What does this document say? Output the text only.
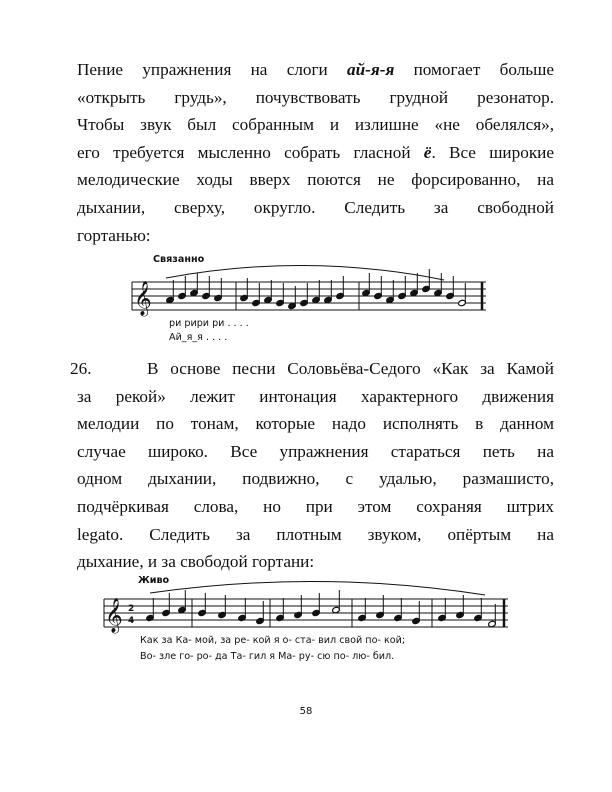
Пение упражнения на слоги ай-я-я помогает больше
«открыть грудь», почувствовать грудной резонатор.
Чтобы звук был собранным и излишне «не обелялся»,
его требуется мысленно собрать гласной ё. Все широкие
мелодические ходы вверх поются не форсированно, на
дыхании, сверху, округло. Следить за свободной
гортанью:
Связанно
𝄞
ри рири ри . . . .
Ай_я_я . . . .
26.	В основе песни Соловьёва-Седого «Как за Камой
за рекой» лежит интонация характерного движения
мелодии по тонам, которые надо исполнять в данном
случае широко. Все упражнения стараться петь на
одном дыхании, подвижно, с удалью, размашисто,
подчёркивая слова, но при этом сохраняя штрих
legato. Следить за плотным звуком, опёртым на
дыхание, и за свободой гортани:
Живо
𝄞 2
4
Как за Ка- мой, за ре- кой я о- ста- вил свой по- кой;
Во- зле го- ро- да Та- гил я Ма- ру- сю по- лю- бил.
58
